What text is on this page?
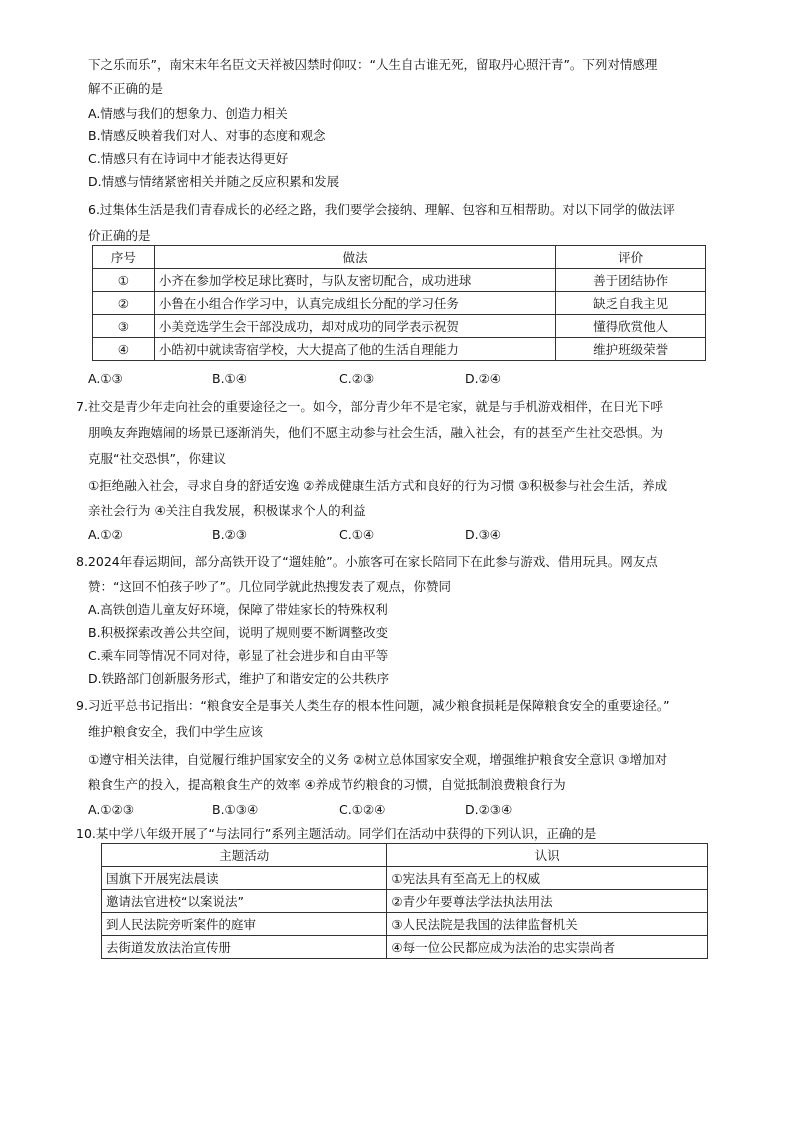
下之乐而乐”，南宋末年名臣文天祥被囚禁时仰叹：“人生自古谁无死，留取丹心照汗青”。下列对情感理
解不正确的是
A.情感与我们的想象力、创造力相关
B.情感反映着我们对人、对事的态度和观念
C.情感只有在诗词中才能表达得更好
D.情感与情绪紧密相关并随之反应积累和发展
6.过集体生活是我们青春成长的必经之路，我们要学会接纳、理解、包容和互相帮助。对以下同学的做法评
价正确的是
序号	做法	评价
①	小齐在参加学校足球比赛时，与队友密切配合，成功进球	善于团结协作
②	小鲁在小组合作学习中，认真完成组长分配的学习任务	缺乏自我主见
③	小美竞选学生会干部没成功，却对成功的同学表示祝贺	懂得欣赏他人
④	小皓初中就读寄宿学校，大大提高了他的生活自理能力	维护班级荣誉
A.①③	B.①④	C.②③	D.②④
7.社交是青少年走向社会的重要途径之一。如今，部分青少年不是宅家，就是与手机游戏相伴，在日光下呼
朋唤友奔跑嬉闹的场景已逐渐消失，他们不愿主动参与社会生活，融入社会，有的甚至产生社交恐惧。为
克服“社交恐惧”，你建议
①拒绝融入社会，寻求自身的舒适安逸 ②养成健康生活方式和良好的行为习惯 ③积极参与社会生活，养成
亲社会行为 ④关注自我发展，积极谋求个人的利益
A.①②	B.②③	C.①④	D.③④
8.2024年春运期间，部分高铁开设了“遛娃舱”。小旅客可在家长陪同下在此参与游戏、借用玩具。网友点
赞：“这回不怕孩子吵了”。几位同学就此热搜发表了观点，你赞同
A.高铁创造儿童友好环境，保障了带娃家长的特殊权利
B.积极探索改善公共空间，说明了规则要不断调整改变
C.乘车同等情况不同对待，彰显了社会进步和自由平等
D.铁路部门创新服务形式，维护了和谐安定的公共秩序
9.习近平总书记指出：“粮食安全是事关人类生存的根本性问题，减少粮食损耗是保障粮食安全的重要途径。”
维护粮食安全，我们中学生应该
①遵守相关法律，自觉履行维护国家安全的义务 ②树立总体国家安全观，增强维护粮食安全意识 ③增加对
粮食生产的投入，提高粮食生产的效率 ④养成节约粮食的习惯，自觉抵制浪费粮食行为
A.①②③	B.①③④	C.①②④	D.②③④
10.某中学八年级开展了“与法同行”系列主题活动。同学们在活动中获得的下列认识，正确的是
主题活动	认识
国旗下开展宪法晨读	①宪法具有至高无上的权威
邀请法官进校“以案说法”	②青少年要尊法学法执法用法
到人民法院旁听案件的庭审	③人民法院是我国的法律监督机关
去街道发放法治宣传册	④每一位公民都应成为法治的忠实崇尚者
